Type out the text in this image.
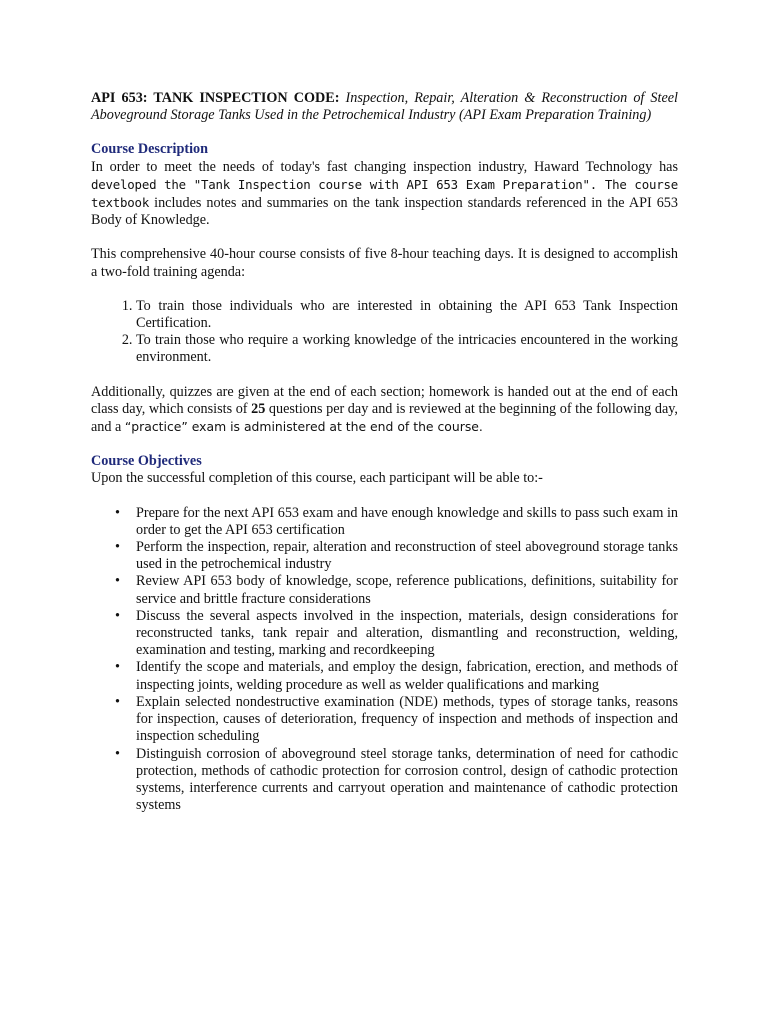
API 653: TANK INSPECTION CODE: Inspection, Repair, Alteration & Reconstruction of Steel Aboveground Storage Tanks Used in the Petrochemical Industry (API Exam Preparation Training)

Course Description

In order to meet the needs of today's fast changing inspection industry, Haward Technology has developed the "Tank Inspection course with API 653 Exam Preparation". The course textbook includes notes and summaries on the tank inspection standards referenced in the API 653 Body of Knowledge.

This comprehensive 40-hour course consists of five 8-hour teaching days. It is designed to accomplish a two-fold training agenda:

1. To train those individuals who are interested in obtaining the API 653 Tank Inspection Certification.
2. To train those who require a working knowledge of the intricacies encountered in the working environment.

Additionally, quizzes are given at the end of each section; homework is handed out at the end of each class day, which consists of 25 questions per day and is reviewed at the beginning of the following day, and a “practice” exam is administered at the end of the course.

Course Objectives

Upon the successful completion of this course, each participant will be able to:-

• Prepare for the next API 653 exam and have enough knowledge and skills to pass such exam in order to get the API 653 certification
• Perform the inspection, repair, alteration and reconstruction of steel aboveground storage tanks used in the petrochemical industry
• Review API 653 body of knowledge, scope, reference publications, definitions, suitability for service and brittle fracture considerations
• Discuss the several aspects involved in the inspection, materials, design considerations for reconstructed tanks, tank repair and alteration, dismantling and reconstruction, welding, examination and testing, marking and recordkeeping
• Identify the scope and materials, and employ the design, fabrication, erection, and methods of inspecting joints, welding procedure as well as welder qualifications and marking
• Explain selected nondestructive examination (NDE) methods, types of storage tanks, reasons for inspection, causes of deterioration, frequency of inspection and methods of inspection and inspection scheduling
• Distinguish corrosion of aboveground steel storage tanks, determination of need for cathodic protection, methods of cathodic protection for corrosion control, design of cathodic protection systems, interference currents and carryout operation and maintenance of cathodic protection systems
